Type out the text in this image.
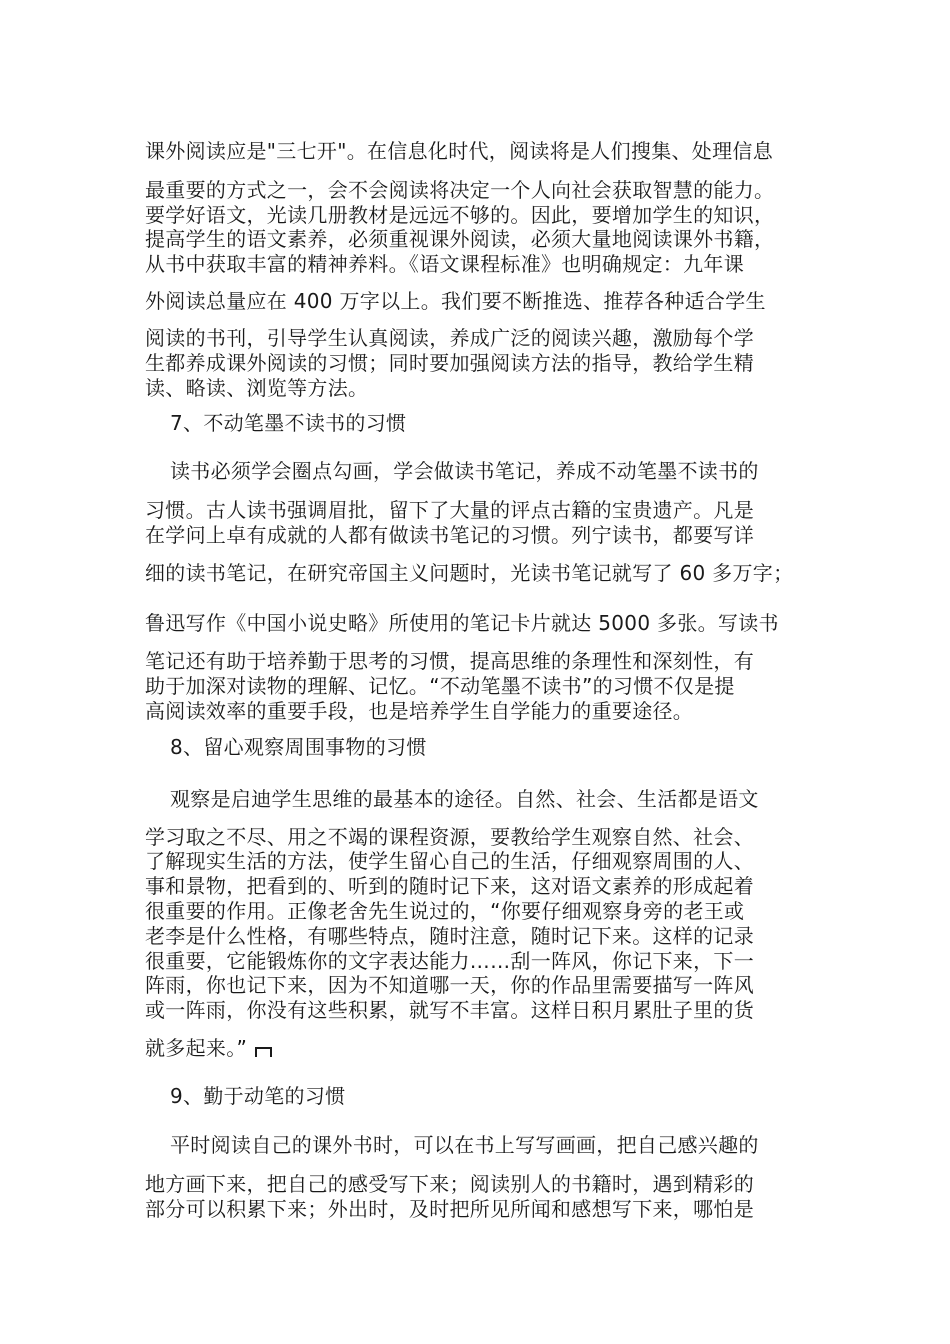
课外阅读应是"三七开"。在信息化时代，阅读将是人们搜集、处理信息
最重要的方式之一，会不会阅读将决定一个人向社会获取智慧的能力。
要学好语文，光读几册教材是远远不够的。因此，要增加学生的知识，
提高学生的语文素养，必须重视课外阅读，必须大量地阅读课外书籍，
从书中获取丰富的精神养料。《语文课程标准》也明确规定：九年课
外阅读总量应在 400 万字以上。我们要不断推选、推荐各种适合学生
阅读的书刊，引导学生认真阅读，养成广泛的阅读兴趣，激励每个学
生都养成课外阅读的习惯；同时要加强阅读方法的指导，教给学生精
读、略读、浏览等方法。
7、不动笔墨不读书的习惯
读书必须学会圈点勾画，学会做读书笔记，养成不动笔墨不读书的
习惯。古人读书强调眉批，留下了大量的评点古籍的宝贵遗产。凡是
在学问上卓有成就的人都有做读书笔记的习惯。列宁读书，都要写详
细的读书笔记，在研究帝国主义问题时，光读书笔记就写了 60 多万字；
鲁迅写作《中国小说史略》所使用的笔记卡片就达 5000 多张。写读书
笔记还有助于培养勤于思考的习惯，提高思维的条理性和深刻性，有
助于加深对读物的理解、记忆。“不动笔墨不读书”的习惯不仅是提
高阅读效率的重要手段，也是培养学生自学能力的重要途径。
8、留心观察周围事物的习惯
观察是启迪学生思维的最基本的途径。自然、社会、生活都是语文
学习取之不尽、用之不竭的课程资源，要教给学生观察自然、社会、
了解现实生活的方法，使学生留心自己的生活，仔细观察周围的人、
事和景物，把看到的、听到的随时记下来，这对语文素养的形成起着
很重要的作用。正像老舍先生说过的，“你要仔细观察身旁的老王或
老李是什么性格，有哪些特点，随时注意，随时记下来。这样的记录
很重要，它能锻炼你的文字表达能力……刮一阵风，你记下来，下一
阵雨，你也记下来，因为不知道哪一天，你的作品里需要描写一阵风
或一阵雨，你没有这些积累，就写不丰富。这样日积月累肚子里的货
就多起来。”
9、勤于动笔的习惯
平时阅读自己的课外书时，可以在书上写写画画，把自己感兴趣的
地方画下来，把自己的感受写下来；阅读别人的书籍时，遇到精彩的
部分可以积累下来；外出时，及时把所见所闻和感想写下来，哪怕是
